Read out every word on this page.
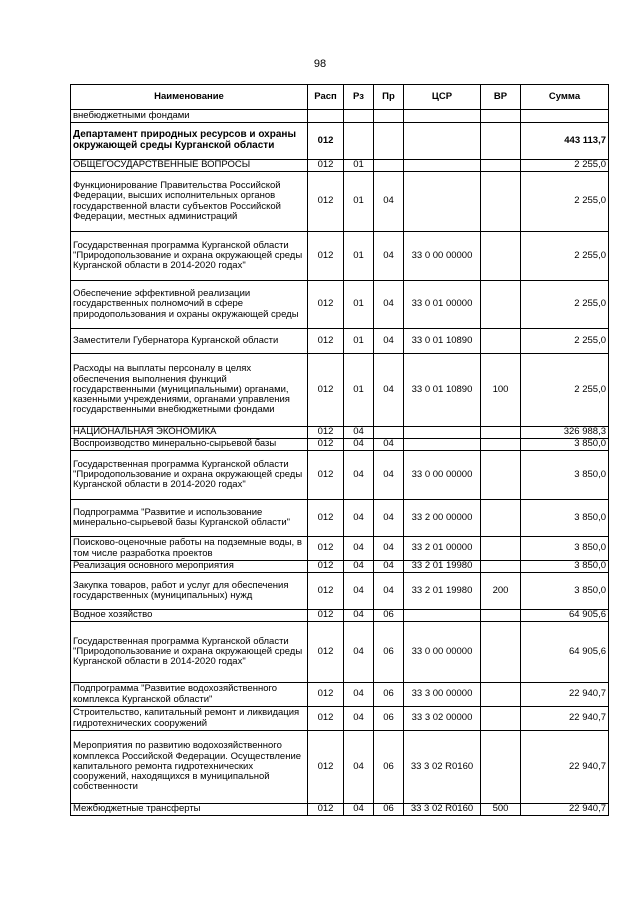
98
Наименование	Расп	Рз	Пр	ЦСР	ВР	Сумма
внебюджетными фондами						
Департамент природных ресурсов и охраны окружающей среды Курганской области	012					443 113,7
ОБЩЕГОСУДАРСТВЕННЫЕ ВОПРОСЫ	012	01				2 255,0
Функционирование Правительства Российской Федерации, высших исполнительных органов государственной власти субъектов Российской Федерации, местных администраций	012	01	04			2 255,0
Государственная программа Курганской области "Природопользование и охрана окружающей среды Курганской области в 2014-2020 годах"	012	01	04	33 0 00 00000		2 255,0
Обеспечение эффективной реализации государственных полномочий в сфере природопользования и охраны окружающей среды	012	01	04	33 0 01 00000		2 255,0
Заместители Губернатора Курганской области	012	01	04	33 0 01 10890		2 255,0
Расходы на выплаты персоналу в целях обеспечения выполнения функций государственными (муниципальными) органами, казенными учреждениями, органами управления государственными внебюджетными фондами	012	01	04	33 0 01 10890	100	2 255,0
НАЦИОНАЛЬНАЯ ЭКОНОМИКА	012	04				326 988,3
Воспроизводство минерально-сырьевой базы	012	04	04			3 850,0
Государственная программа Курганской области "Природопользование и охрана окружающей среды Курганской области в 2014-2020 годах"	012	04	04	33 0 00 00000		3 850,0
Подпрограмма "Развитие и использование минерально-сырьевой базы Курганской области"	012	04	04	33 2 00 00000		3 850,0
Поисково-оценочные работы на подземные воды, в том числе разработка проектов	012	04	04	33 2 01 00000		3 850,0
Реализация основного мероприятия	012	04	04	33 2 01 19980		3 850,0
Закупка товаров, работ и услуг для обеспечения государственных (муниципальных) нужд	012	04	04	33 2 01 19980	200	3 850,0
Водное хозяйство	012	04	06			64 905,6
Государственная программа Курганской области "Природопользование и охрана окружающей среды Курганской области в 2014-2020 годах"	012	04	06	33 0 00 00000		64 905,6
Подпрограмма "Развитие водохозяйственного комплекса Курганской области"	012	04	06	33 3 00 00000		22 940,7
Строительство, капитальный ремонт и ликвидация гидротехнических сооружений	012	04	06	33 3 02 00000		22 940,7
Мероприятия по развитию водохозяйственного комплекса Российской Федерации. Осуществление капитального ремонта гидротехнических сооружений, находящихся в муниципальной собственности	012	04	06	33 3 02 R0160		22 940,7
Межбюджетные трансферты	012	04	06	33 3 02 R0160	500	22 940,7
